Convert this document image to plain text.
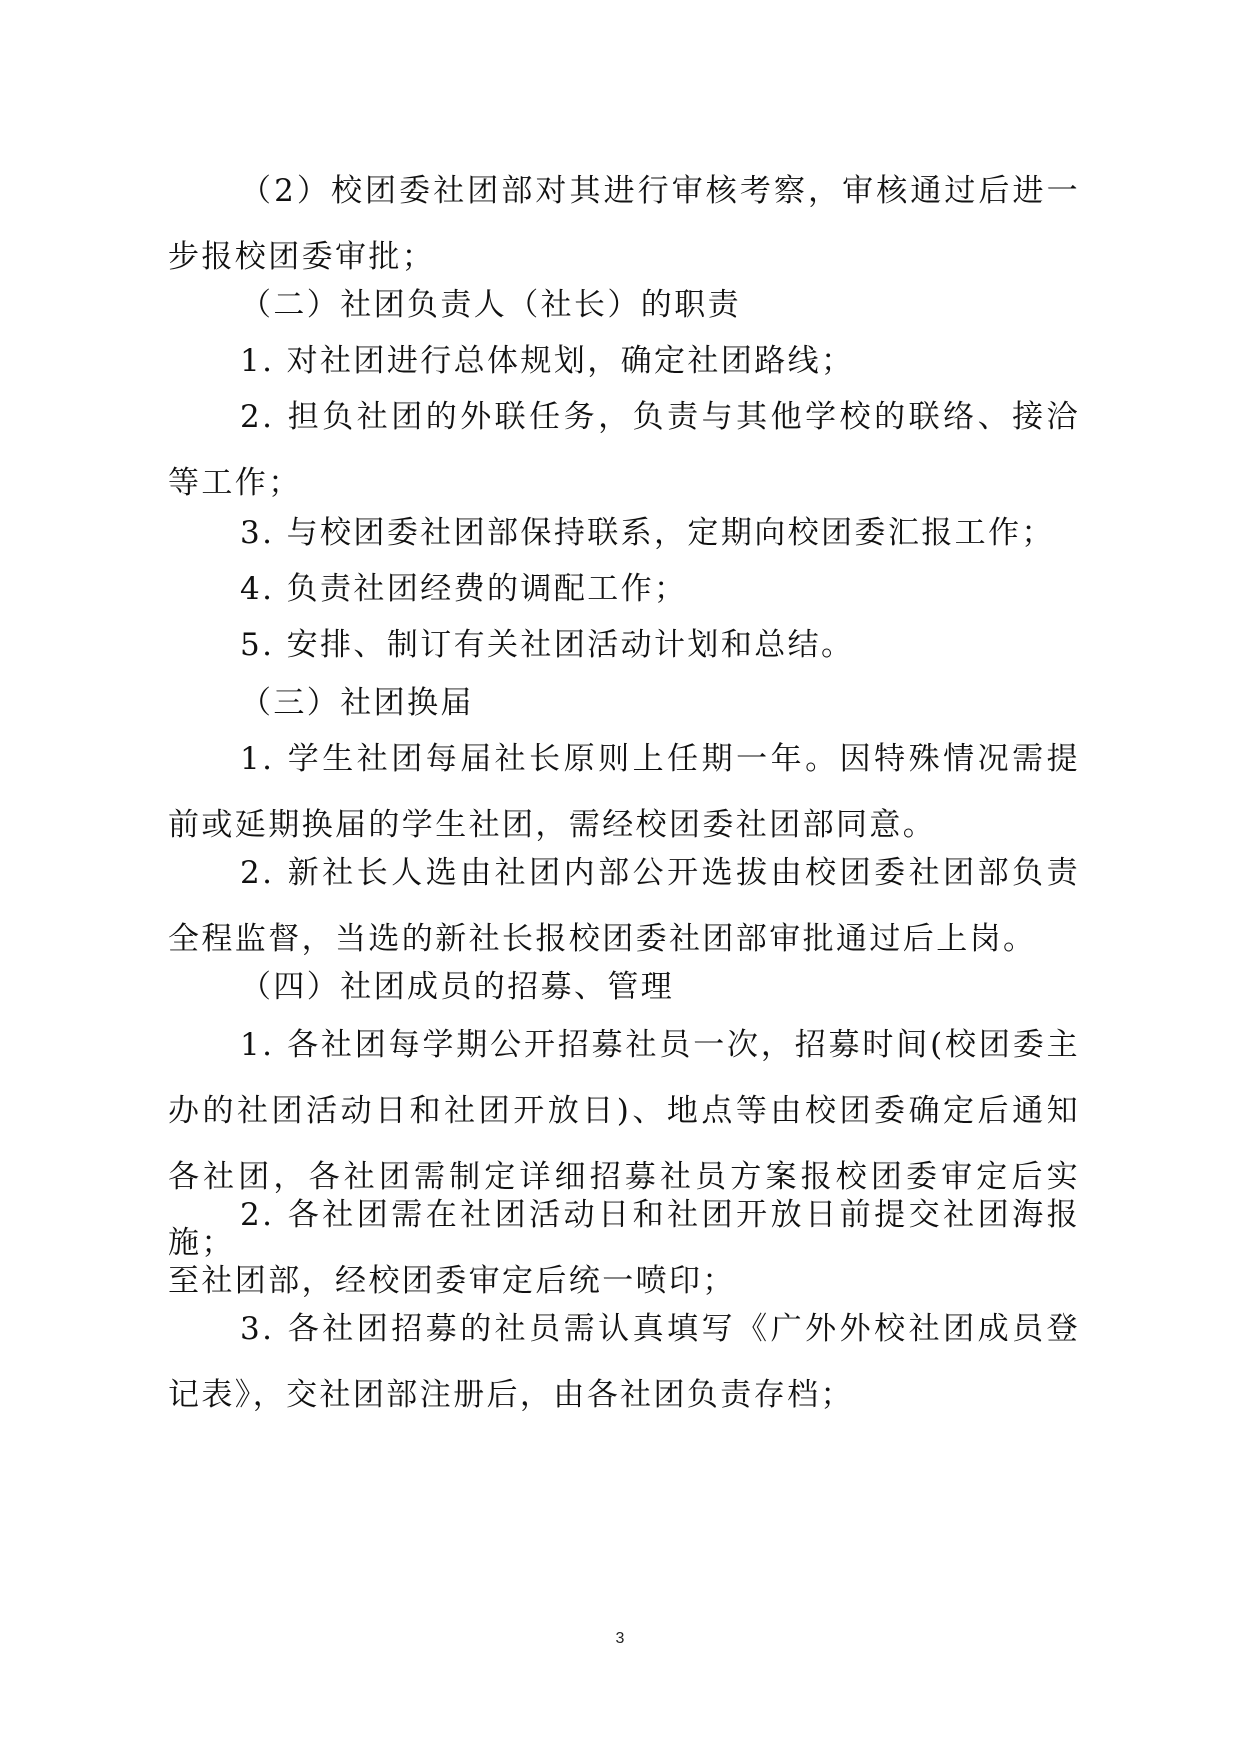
（2）校团委社团部对其进行审核考察，审核通过后进一步报校团委审批；

（二）社团负责人（社长）的职责

1. 对社团进行总体规划，确定社团路线；

2. 担负社团的外联任务，负责与其他学校的联络、接洽等工作；

3. 与校团委社团部保持联系，定期向校团委汇报工作；

4. 负责社团经费的调配工作；

5. 安排、制订有关社团活动计划和总结。

（三）社团换届

1. 学生社团每届社长原则上任期一年。因特殊情况需提前或延期换届的学生社团，需经校团委社团部同意。

2. 新社长人选由社团内部公开选拔由校团委社团部负责全程监督，当选的新社长报校团委社团部审批通过后上岗。

（四）社团成员的招募、管理

1. 各社团每学期公开招募社员一次，招募时间(校团委主办的社团活动日和社团开放日)、地点等由校团委确定后通知各社团，各社团需制定详细招募社员方案报校团委审定后实施；

2. 各社团需在社团活动日和社团开放日前提交社团海报至社团部，经校团委审定后统一喷印；

3. 各社团招募的社员需认真填写《广外外校社团成员登记表》，交社团部注册后，由各社团负责存档；

3
